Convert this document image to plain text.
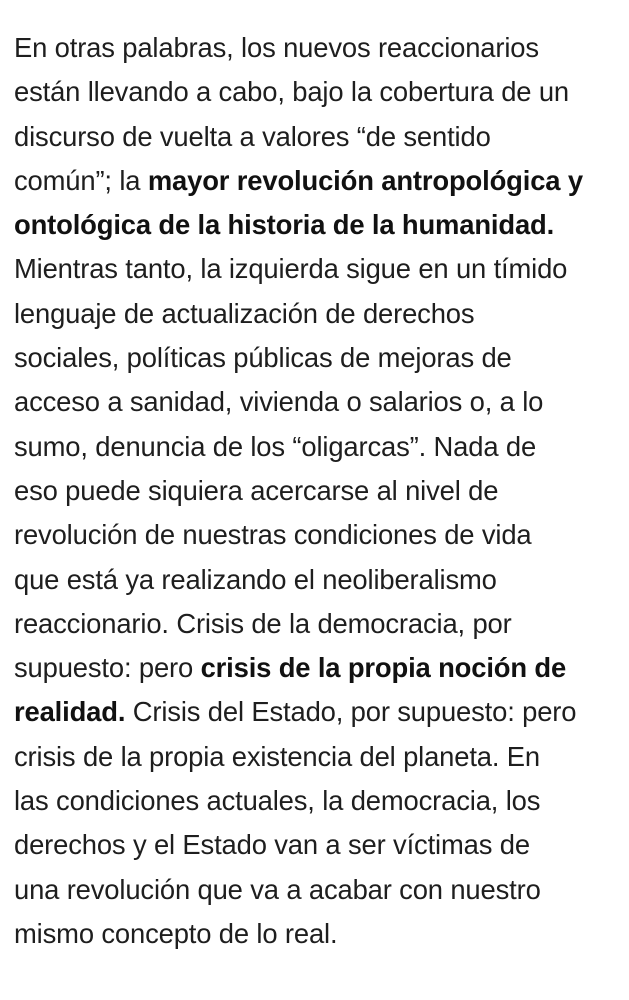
En otras palabras, los nuevos reaccionarios
están llevando a cabo, bajo la cobertura de un
discurso de vuelta a valores “de sentido
común”; la mayor revolución antropológica y
ontológica de la historia de la humanidad.
Mientras tanto, la izquierda sigue en un tímido
lenguaje de actualización de derechos
sociales, políticas públicas de mejoras de
acceso a sanidad, vivienda o salarios o, a lo
sumo, denuncia de los “oligarcas”. Nada de
eso puede siquiera acercarse al nivel de
revolución de nuestras condiciones de vida
que está ya realizando el neoliberalismo
reaccionario. Crisis de la democracia, por
supuesto: pero crisis de la propia noción de
realidad. Crisis del Estado, por supuesto: pero
crisis de la propia existencia del planeta. En
las condiciones actuales, la democracia, los
derechos y el Estado van a ser víctimas de
una revolución que va a acabar con nuestro
mismo concepto de lo real.
